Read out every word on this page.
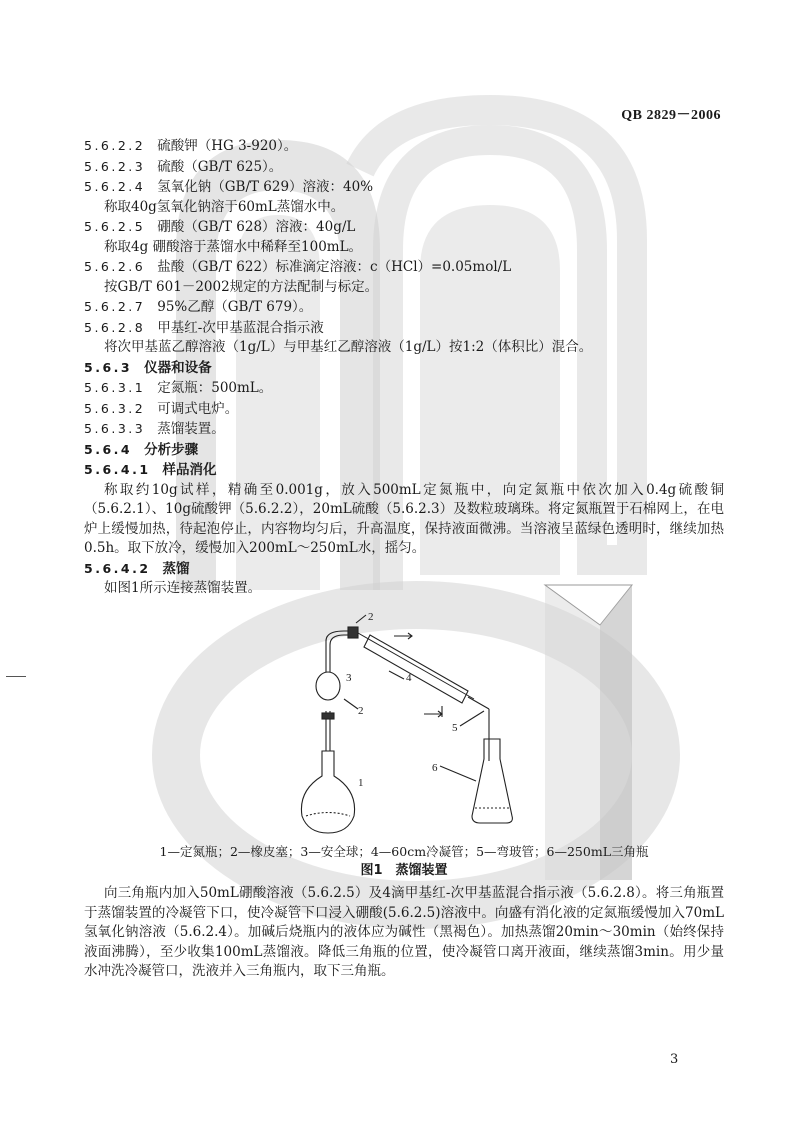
QB 2829－2006
5.6.2.2 硫酸钾（HG 3-920）。
5.6.2.3 硫酸（GB/T 625）。
5.6.2.4 氢氧化钠（GB/T 629）溶液：40%
称取40g氢氧化钠溶于60mL蒸馏水中。
5.6.2.5 硼酸（GB/T 628）溶液：40g/L
称取4g 硼酸溶于蒸馏水中稀释至100mL。
5.6.2.6 盐酸（GB/T 622）标准滴定溶液：c（HCl）=0.05mol/L
按GB/T 601－2002规定的方法配制与标定。
5.6.2.7 95%乙醇（GB/T 679）。
5.6.2.8 甲基红-次甲基蓝混合指示液
将次甲基蓝乙醇溶液（1g/L）与甲基红乙醇溶液（1g/L）按1:2（体积比）混合。
5.6.3 仪器和设备
5.6.3.1 定氮瓶：500mL。
5.6.3.2 可调式电炉。
5.6.3.3 蒸馏装置。
5.6.4 分析步骤
5.6.4.1 样品消化
称取约10g试样，精确至0.001g，放入500mL定氮瓶中，向定氮瓶中依次加入0.4g硫酸铜（5.6.2.1）、10g硫酸钾（5.6.2.2），20mL硫酸（5.6.2.3）及数粒玻璃珠。将定氮瓶置于石棉网上，在电炉上缓慢加热，待起泡停止，内容物均匀后，升高温度，保持液面微沸。当溶液呈蓝绿色透明时，继续加热0.5h。取下放冷，缓慢加入200mL～250mL水，摇匀。
5.6.4.2 蒸馏
如图1所示连接蒸馏装置。
1
2
3
2
4
5
6
1—定氮瓶；2—橡皮塞；3—安全球；4—60cm冷凝管；5—弯玻管；6—250mL三角瓶
图1　蒸馏装置
向三角瓶内加入50mL硼酸溶液（5.6.2.5）及4滴甲基红-次甲基蓝混合指示液（5.6.2.8）。将三角瓶置于蒸馏装置的冷凝管下口，使冷凝管下口浸入硼酸(5.6.2.5)溶液中。向盛有消化液的定氮瓶缓慢加入70mL氢氧化钠溶液（5.6.2.4）。加碱后烧瓶内的液体应为碱性（黑褐色）。加热蒸馏20min～30min（始终保持液面沸腾），至少收集100mL蒸馏液。降低三角瓶的位置，使冷凝管口离开液面，继续蒸馏3min。用少量水冲洗冷凝管口，洗液并入三角瓶内，取下三角瓶。
3
